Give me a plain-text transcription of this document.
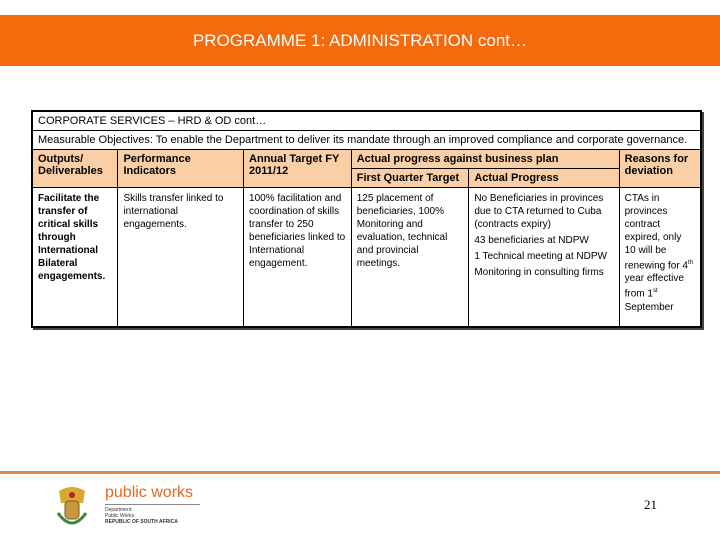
PROGRAMME 1: ADMINISTRATION cont…
CORPORATE SERVICES – HRD & OD cont…					
Measurable Objectives: To enable the Department to deliver its mandate through an improved compliance and corporate governance.					
Outputs/ Deliverables	Performance Indicators	Annual Target FY 2011/12	Actual progress against business plan		Reasons for deviation
			First Quarter Target	Actual Progress	
Facilitate the transfer of critical skills through International Bilateral engagements.	Skills transfer linked to international engagements.	100% facilitation and coordination of skills transfer to 250 beneficiaries linked to International engagement.	125 placement of beneficiaries, 100% Monitoring and evaluation, technical and provincial meetings.	No Beneficiaries in provinces due to CTA returned to Cuba (contracts expiry)

43 beneficiaries at NDPW

1 Technical meeting at NDPW

Monitoring in consulting firms	CTAs in provinces contract expired, only 10 will be renewing for 4th year effective from 1st September
public works
Department:
Public Works
REPUBLIC OF SOUTH AFRICA
21
